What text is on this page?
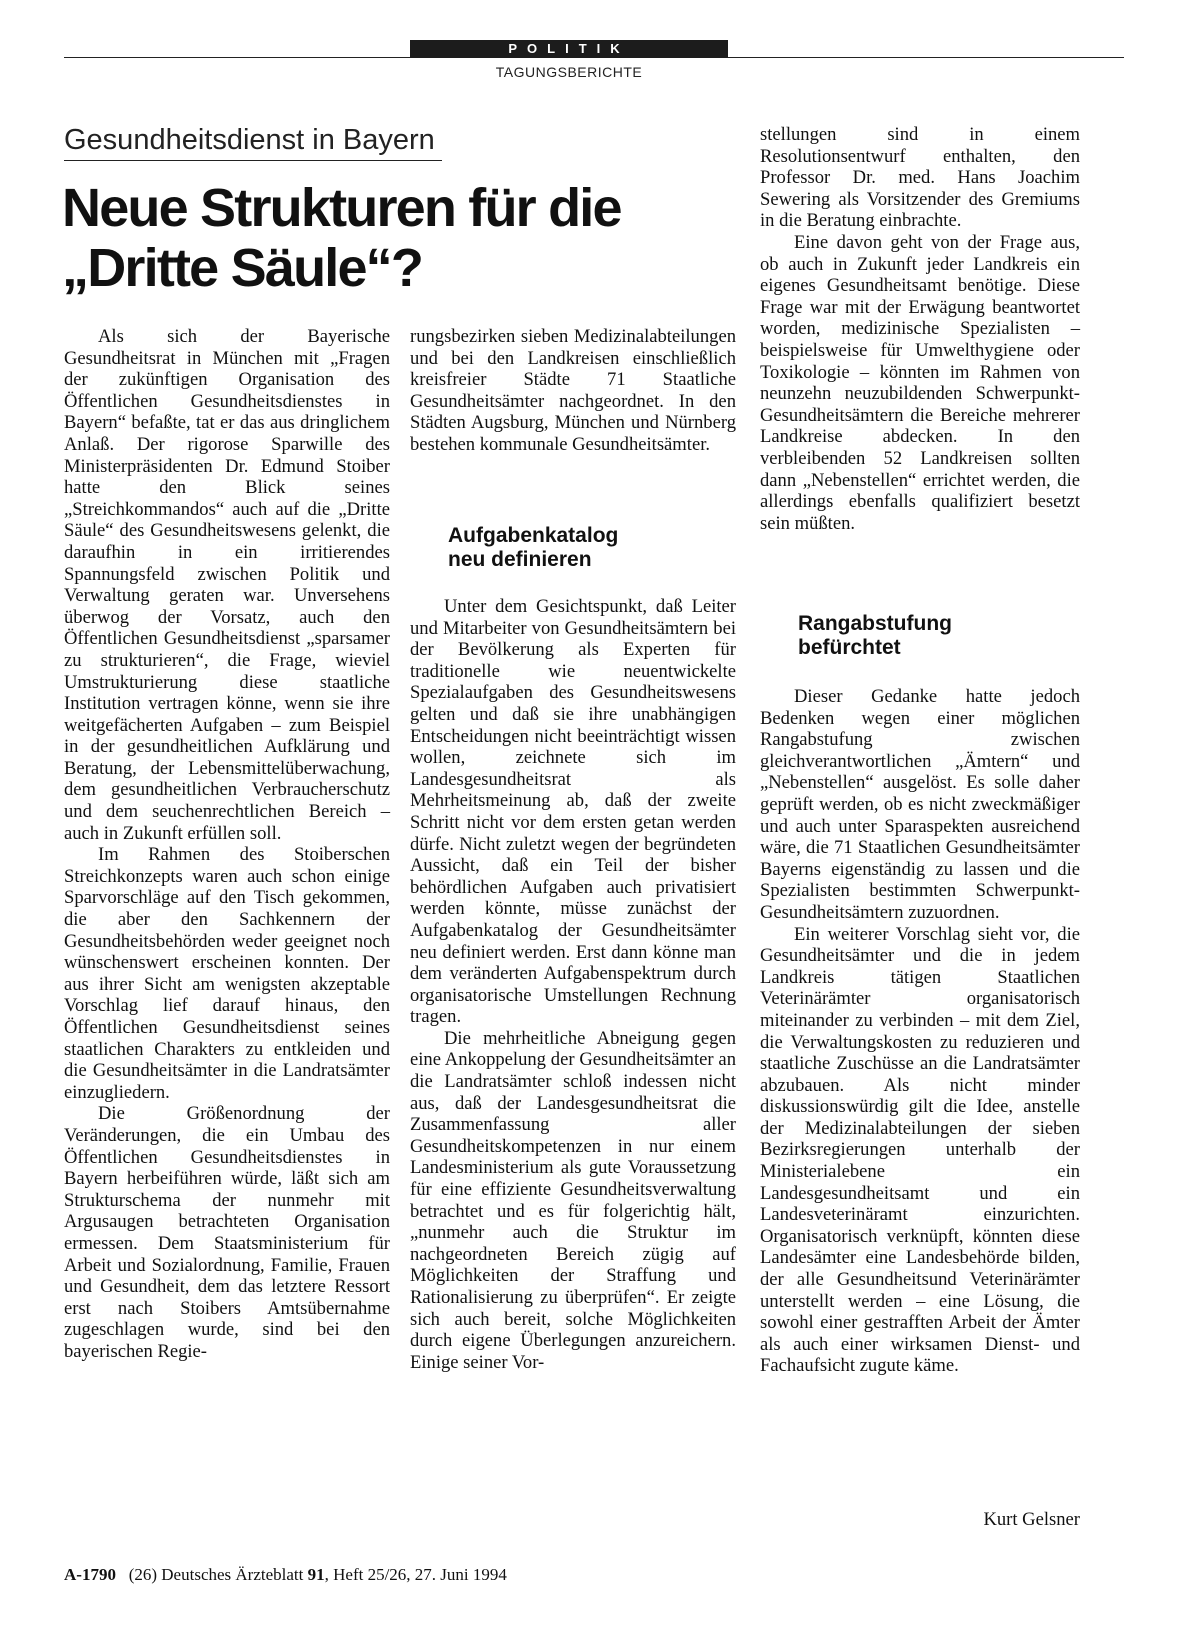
POLITIK
TAGUNGSBERICHTE
Gesundheitsdienst in Bayern
Neue Strukturen für die „Dritte Säule“?

Als sich der Bayerische Gesundheitsrat in München mit „Fragen der zukünftigen Organisation des Öffentlichen Gesundheitsdienstes in Bayern“ befaßte, tat er das aus dringlichem Anlaß. Der rigorose Sparwille des Ministerpräsidenten Dr. Edmund Stoiber hatte den Blick seines „Streichkommandos“ auch auf die „Dritte Säule“ des Gesundheitswesens gelenkt, die daraufhin in ein irritierendes Spannungsfeld zwischen Politik und Verwaltung geraten war. Unversehens überwog der Vorsatz, auch den Öffentlichen Gesundheitsdienst „sparsamer zu strukturieren“, die Frage, wieviel Umstrukturierung diese staatliche Institution vertragen könne, wenn sie ihre weitgefächerten Aufgaben – zum Beispiel in der gesundheitlichen Aufklärung und Beratung, der Lebensmittelüberwachung, dem gesundheitlichen Verbraucherschutz und dem seuchenrechtlichen Bereich – auch in Zukunft erfüllen soll.

Im Rahmen des Stoiberschen Streichkonzepts waren auch schon einige Sparvorschläge auf den Tisch gekommen, die aber den Sachkennern der Gesundheitsbehörden weder geeignet noch wünschenswert erscheinen konnten. Der aus ihrer Sicht am wenigsten akzeptable Vorschlag lief darauf hinaus, den Öffentlichen Gesundheitsdienst seines staatlichen Charakters zu entkleiden und die Gesundheitsämter in die Landratsämter einzugliedern.

Die Größenordnung der Veränderungen, die ein Umbau des Öffentlichen Gesundheitsdienstes in Bayern herbeiführen würde, läßt sich am Strukturschema der nunmehr mit Argusaugen betrachteten Organisation ermessen. Dem Staatsministerium für Arbeit und Sozialordnung, Familie, Frauen und Gesundheit, dem das letztere Ressort erst nach Stoibers Amtsübernahme zugeschlagen wurde, sind bei den bayerischen Regie-

rungsbezirken sieben Medizinalabteilungen und bei den Landkreisen einschließlich kreisfreier Städte 71 Staatliche Gesundheitsämter nachgeordnet. In den Städten Augsburg, München und Nürnberg bestehen kommunale Gesundheitsämter.

Aufgabenkatalog
neu definieren

Unter dem Gesichtspunkt, daß Leiter und Mitarbeiter von Gesundheitsämtern bei der Bevölkerung als Experten für traditionelle wie neuentwickelte Spezialaufgaben des Gesundheitswesens gelten und daß sie ihre unabhängigen Entscheidungen nicht beeinträchtigt wissen wollen, zeichnete sich im Landesgesundheitsrat als Mehrheitsmeinung ab, daß der zweite Schritt nicht vor dem ersten getan werden dürfe. Nicht zuletzt wegen der begründeten Aussicht, daß ein Teil der bisher behördlichen Aufgaben auch privatisiert werden könnte, müsse zunächst der Aufgabenkatalog der Gesundheitsämter neu definiert werden. Erst dann könne man dem veränderten Aufgabenspektrum durch organisatorische Umstellungen Rechnung tragen.

Die mehrheitliche Abneigung gegen eine Ankoppelung der Gesundheitsämter an die Landratsämter schloß indessen nicht aus, daß der Landesgesundheitsrat die Zusammenfassung aller Gesundheitskompetenzen in nur einem Landesministerium als gute Voraussetzung für eine effiziente Gesundheitsverwaltung betrachtet und es für folgerichtig hält, „nunmehr auch die Struktur im nachgeordneten Bereich zügig auf Möglichkeiten der Straffung und Rationalisierung zu überprüfen“. Er zeigte sich auch bereit, solche Möglichkeiten durch eigene Überlegungen anzureichern. Einige seiner Vor-

stellungen sind in einem Resolutionsentwurf enthalten, den Professor Dr. med. Hans Joachim Sewering als Vorsitzender des Gremiums in die Beratung einbrachte.

Eine davon geht von der Frage aus, ob auch in Zukunft jeder Landkreis ein eigenes Gesundheitsamt benötige. Diese Frage war mit der Erwägung beantwortet worden, medizinische Spezialisten – beispielsweise für Umwelthygiene oder Toxikologie – könnten im Rahmen von neunzehn neuzubildenden Schwerpunkt-Gesundheitsämtern die Bereiche mehrerer Landkreise abdecken. In den verbleibenden 52 Landkreisen sollten dann „Nebenstellen“ errichtet werden, die allerdings ebenfalls qualifiziert besetzt sein müßten.

Rangabstufung
befürchtet

Dieser Gedanke hatte jedoch Bedenken wegen einer möglichen Rangabstufung zwischen gleichverantwortlichen „Ämtern“ und „Nebenstellen“ ausgelöst. Es solle daher geprüft werden, ob es nicht zweckmäßiger und auch unter Sparaspekten ausreichend wäre, die 71 Staatlichen Gesundheitsämter Bayerns eigenständig zu lassen und die Spezialisten bestimmten Schwerpunkt-Gesundheitsämtern zuzuordnen.

Ein weiterer Vorschlag sieht vor, die Gesundheitsämter und die in jedem Landkreis tätigen Staatlichen Veterinärämter organisatorisch miteinander zu verbinden – mit dem Ziel, die Verwaltungskosten zu reduzieren und staatliche Zuschüsse an die Landratsämter abzubauen. Als nicht minder diskussionswürdig gilt die Idee, anstelle der Medizinalabteilungen der sieben Bezirksregierungen unterhalb der Ministerialebene ein Landesgesundheitsamt und ein Landesveterinäramt einzurichten. Organisatorisch verknüpft, könnten diese Landesämter eine Landesbehörde bilden, der alle Gesundheitsund Veterinärämter unterstellt werden – eine Lösung, die sowohl einer gestrafften Arbeit der Ämter als auch einer wirksamen Dienst- und Fachaufsicht zugute käme.

Kurt Gelsner
A-1790 (26) Deutsches Ärzteblatt 91, Heft 25/26, 27. Juni 1994
